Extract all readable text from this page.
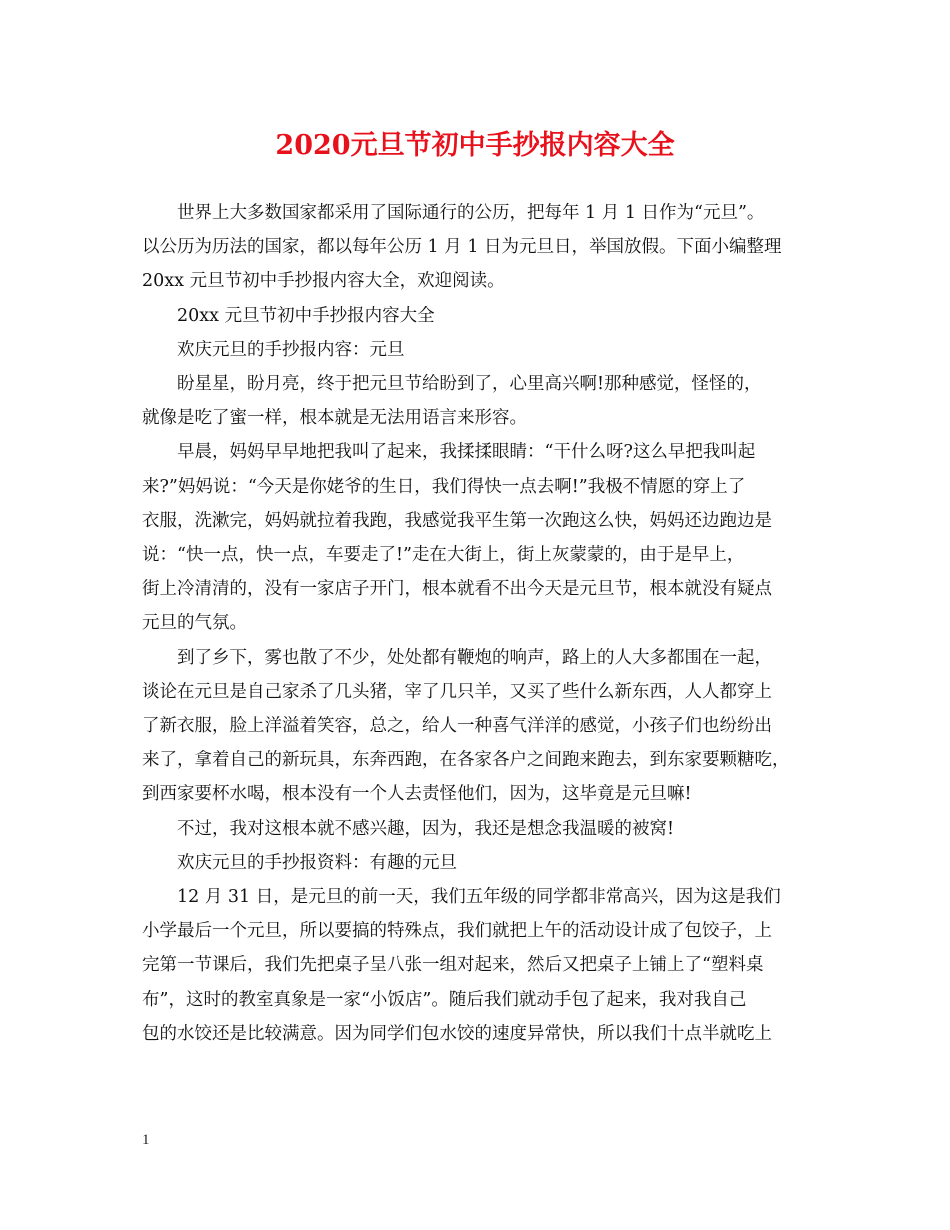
2020元旦节初中手抄报内容大全

世界上大多数国家都采用了国际通行的公历，把每年 1 月 1 日作为“元旦”。
以公历为历法的国家，都以每年公历 1 月 1 日为元旦日，举国放假。下面小编整理
20xx 元旦节初中手抄报内容大全，欢迎阅读。

20xx 元旦节初中手抄报内容大全

欢庆元旦的手抄报内容：元旦

盼星星，盼月亮，终于把元旦节给盼到了，心里高兴啊!那种感觉，怪怪的，
就像是吃了蜜一样，根本就是无法用语言来形容。

早晨，妈妈早早地把我叫了起来，我揉揉眼睛：“干什么呀?这么早把我叫起
来?”妈妈说：“今天是你姥爷的生日，我们得快一点去啊!”我极不情愿的穿上了
衣服，洗漱完，妈妈就拉着我跑，我感觉我平生第一次跑这么快，妈妈还边跑边是
说：“快一点，快一点，车要走了!”走在大街上，街上灰蒙蒙的，由于是早上，
街上冷清清的，没有一家店子开门，根本就看不出今天是元旦节，根本就没有疑点
元旦的气氛。

到了乡下，雾也散了不少，处处都有鞭炮的响声，路上的人大多都围在一起，
谈论在元旦是自己家杀了几头猪，宰了几只羊，又买了些什么新东西，人人都穿上
了新衣服，脸上洋溢着笑容，总之，给人一种喜气洋洋的感觉，小孩子们也纷纷出
来了，拿着自己的新玩具，东奔西跑，在各家各户之间跑来跑去，到东家要颗糖吃，
到西家要杯水喝，根本没有一个人去责怪他们，因为，这毕竟是元旦嘛!

不过，我对这根本就不感兴趣，因为，我还是想念我温暖的被窝!

欢庆元旦的手抄报资料：有趣的元旦

12 月 31 日，是元旦的前一天，我们五年级的同学都非常高兴，因为这是我们
小学最后一个元旦，所以要搞的特殊点，我们就把上午的活动设计成了包饺子，上
完第一节课后，我们先把桌子呈八张一组对起来，然后又把桌子上铺上了“塑料桌
布”，这时的教室真象是一家“小饭店”。随后我们就动手包了起来，我对我自己
包的水饺还是比较满意。因为同学们包水饺的速度异常快，所以我们十点半就吃上

1
